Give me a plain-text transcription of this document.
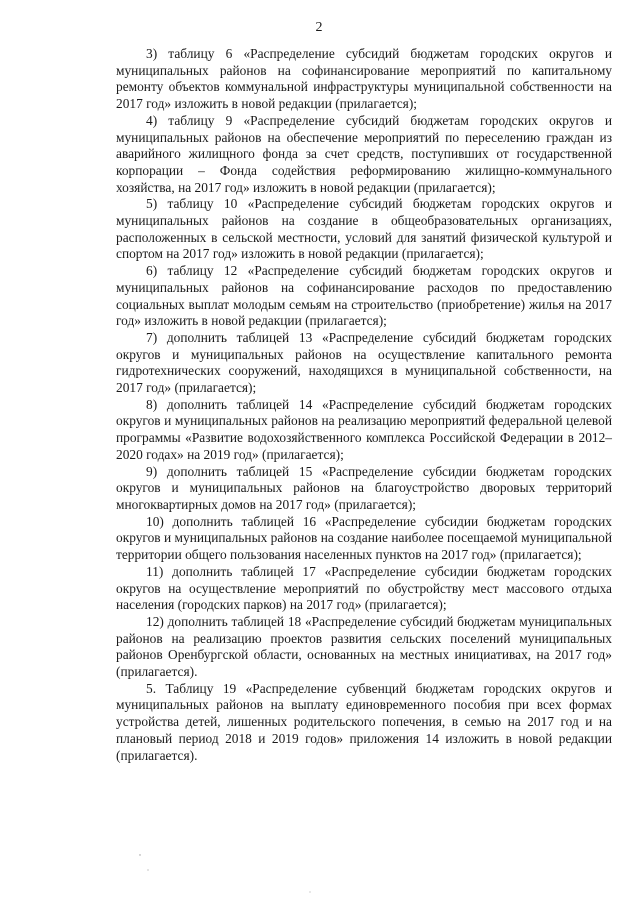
2

3) таблицу 6 «Распределение субсидий бюджетам городских округов и муниципальных районов на софинансирование мероприятий по капитальному ремонту объектов коммунальной инфраструктуры муниципальной собственности на 2017 год» изложить в новой редакции (прилагается);

4) таблицу 9 «Распределение субсидий бюджетам городских округов и муниципальных районов на обеспечение мероприятий по переселению граждан из аварийного жилищного фонда за счет средств, поступивших от государственной корпорации – Фонда содействия реформированию жилищно-коммунального хозяйства, на 2017 год» изложить в новой редакции (прилагается);

5) таблицу 10 «Распределение субсидий бюджетам городских округов и муниципальных районов на создание в общеобразовательных организациях, расположенных в сельской местности, условий для занятий физической культурой и спортом на 2017 год» изложить в новой редакции (прилагается);

6) таблицу 12 «Распределение субсидий бюджетам городских округов и муниципальных районов на софинансирование расходов по предоставлению социальных выплат молодым семьям на строительство (приобретение) жилья на 2017 год» изложить в новой редакции (прилагается);

7) дополнить таблицей 13 «Распределение субсидий бюджетам городских округов и муниципальных районов на осуществление капитального ремонта гидротехнических сооружений, находящихся в муниципальной собственности, на 2017 год» (прилагается);

8) дополнить таблицей 14 «Распределение субсидий бюджетам городских округов и муниципальных районов на реализацию мероприятий федеральной целевой программы «Развитие водохозяйственного комплекса Российской Федерации в 2012–2020 годах» на 2019 год» (прилагается);

9) дополнить таблицей 15 «Распределение субсидии бюджетам городских округов и муниципальных районов на благоустройство дворовых территорий многоквартирных домов на 2017 год» (прилагается);

10) дополнить таблицей 16 «Распределение субсидии бюджетам городских округов и муниципальных районов на создание наиболее посещаемой муниципальной территории общего пользования населенных пунктов на 2017 год» (прилагается);

11) дополнить таблицей 17 «Распределение субсидии бюджетам городских округов на осуществление мероприятий по обустройству мест массового отдыха населения (городских парков) на 2017 год» (прилагается);

12) дополнить таблицей 18 «Распределение субсидий бюджетам муниципальных районов на реализацию проектов развития сельских поселений муниципальных районов Оренбургской области, основанных на местных инициативах, на 2017 год» (прилагается).

5. Таблицу 19 «Распределение субвенций бюджетам городских округов и муниципальных районов на выплату единовременного пособия при всех формах устройства детей, лишенных родительского попечения, в семью на 2017 год и на плановый период 2018 и 2019 годов» приложения 14 изложить в новой редакции (прилагается).
